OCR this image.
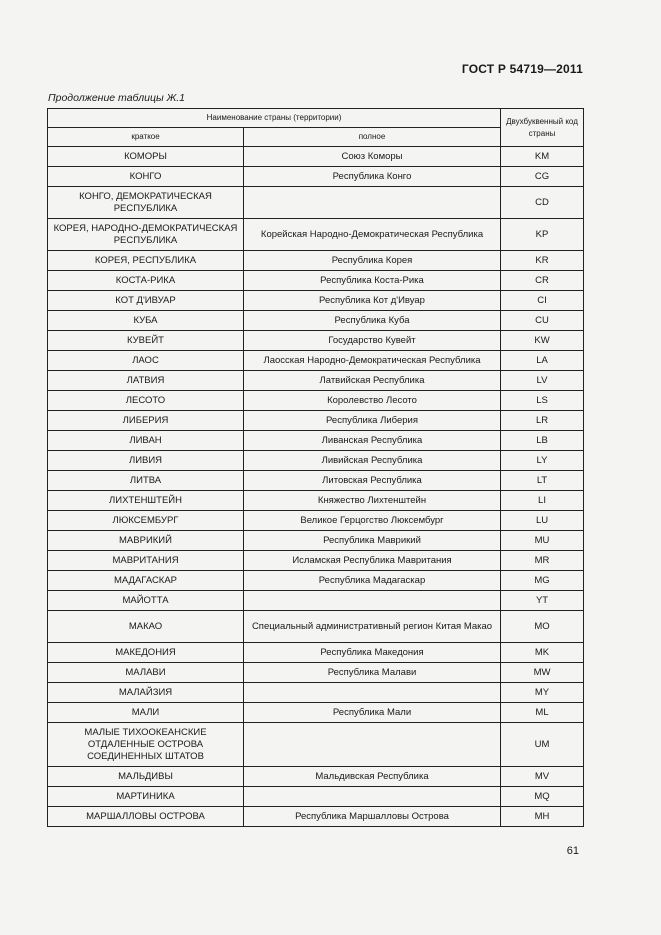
ГОСТ Р 54719—2011
Продолжение таблицы Ж.1
Наименование страны (территории)		Двухбуквенный код страны
краткое	полное	
КОМОРЫ	Союз Коморы	KM
КОНГО	Республика Конго	CG
КОНГО, ДЕМОКРАТИЧЕСКАЯ РЕСПУБЛИКА		CD
КОРЕЯ, НАРОДНО-ДЕМОКРАТИЧЕСКАЯ РЕСПУБЛИКА	Корейская Народно-Демократическая Республика	KP
КОРЕЯ, РЕСПУБЛИКА	Республика Корея	KR
КОСТА-РИКА	Республика Коста-Рика	CR
КОТ Д'ИВУАР	Республика Кот д'Ивуар	CI
КУБА	Республика Куба	CU
КУВЕЙТ	Государство Кувейт	KW
ЛАОС	Лаосская Народно-Демократическая Республика	LA
ЛАТВИЯ	Латвийская Республика	LV
ЛЕСОТО	Королевство Лесото	LS
ЛИБЕРИЯ	Республика Либерия	LR
ЛИВАН	Ливанская Республика	LB
ЛИВИЯ	Ливийская Республика	LY
ЛИТВА	Литовская Республика	LT
ЛИХТЕНШТЕЙН	Княжество Лихтенштейн	LI
ЛЮКСЕМБУРГ	Великое Герцогство Люксембург	LU
МАВРИКИЙ	Республика Маврикий	MU
МАВРИТАНИЯ	Исламская Республика Мавритания	MR
МАДАГАСКАР	Республика Мадагаскар	MG
МАЙОТТА		YT
МАКАО	Специальный административный регион Китая Макао	MO
МАКЕДОНИЯ	Республика Македония	MK
МАЛАВИ	Республика Малави	MW
МАЛАЙЗИЯ		MY
МАЛИ	Республика Мали	ML
МАЛЫЕ ТИХООКЕАНСКИЕ ОТДАЛЕННЫЕ ОСТРОВА СОЕДИНЕННЫХ ШТАТОВ		UM
МАЛЬДИВЫ	Мальдивская Республика	MV
МАРТИНИКА		MQ
МАРШАЛЛОВЫ ОСТРОВА	Республика Маршалловы Острова	MH
61
